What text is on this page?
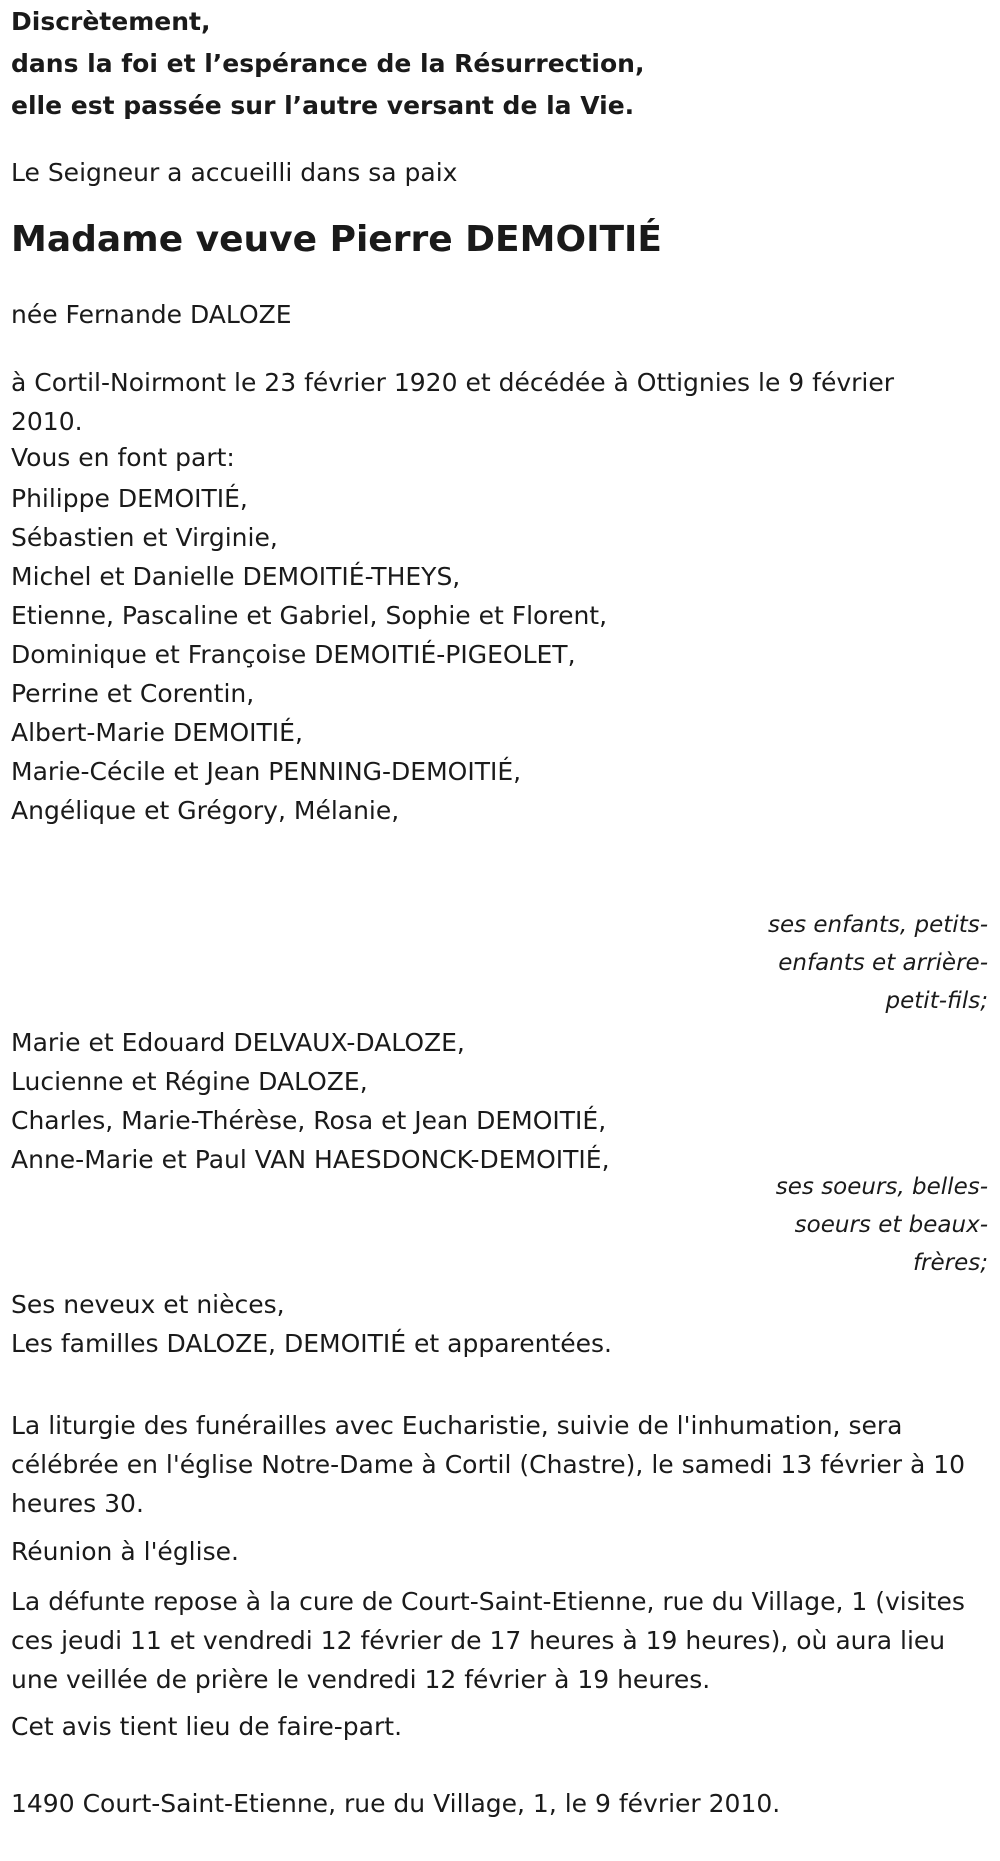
Discrètement,
dans la foi et l’espérance de la Résurrection,
elle est passée sur l’autre versant de la Vie.
Le Seigneur a accueilli dans sa paix
Madame veuve Pierre DEMOITIÉ
née Fernande DALOZE
à Cortil-Noirmont le 23 février 1920 et décédée à Ottignies le 9 février 2010.
Vous en font part:
Philippe DEMOITIÉ,
Sébastien et Virginie,
Michel et Danielle DEMOITIÉ-THEYS,
Etienne, Pascaline et Gabriel, Sophie et Florent,
Dominique et Françoise DEMOITIÉ-PIGEOLET,
Perrine et Corentin,
Albert-Marie DEMOITIÉ,
Marie-Cécile et Jean PENNING-DEMOITIÉ,
Angélique et Grégory, Mélanie,
ses enfants, petits-enfants et arrière-petit-fils;
Marie et Edouard DELVAUX-DALOZE,
Lucienne et Régine DALOZE,
Charles, Marie-Thérèse, Rosa et Jean DEMOITIÉ,
Anne-Marie et Paul VAN HAESDONCK-DEMOITIÉ,
ses soeurs, belles-soeurs et beaux-frères;
Ses neveux et nièces,
Les familles DALOZE, DEMOITIÉ et apparentées.
La liturgie des funérailles avec Eucharistie, suivie de l'inhumation, sera célébrée en l'église Notre-Dame à Cortil (Chastre), le samedi 13 février à 10 heures 30.
Réunion à l'église.
La défunte repose à la cure de Court-Saint-Etienne, rue du Village, 1 (visites ces jeudi 11 et vendredi 12 février de 17 heures à 19 heures), où aura lieu une veillée de prière le vendredi 12 février à 19 heures.
Cet avis tient lieu de faire-part.
1490 Court-Saint-Etienne, rue du Village, 1, le 9 février 2010.
